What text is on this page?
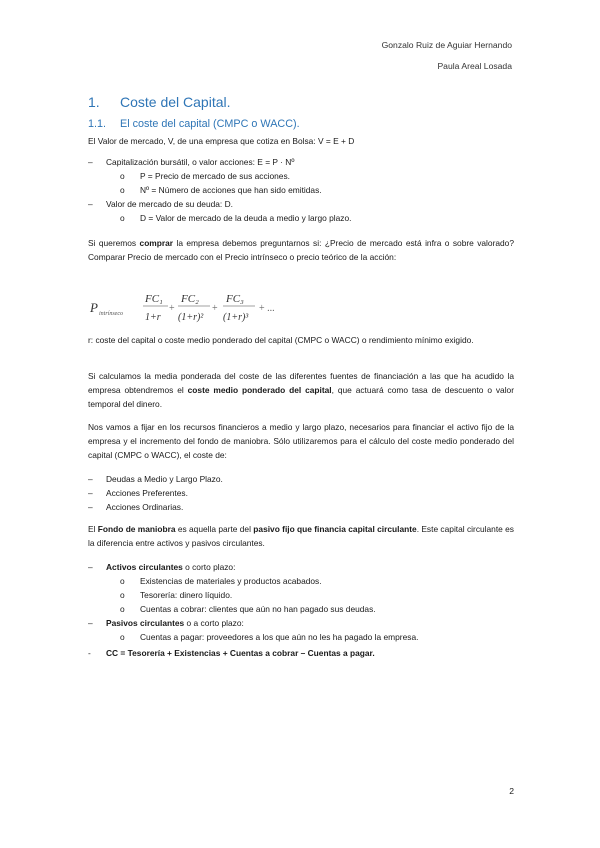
Gonzalo Ruiz de Aguiar Hernando
Paula Areal Losada
1. Coste del Capital.
1.1. El coste del capital (CMPC o WACC).
El Valor de mercado, V, de una empresa que cotiza en Bolsa: V = E + D
– Capitalización bursátil, o valor acciones: E = P · Nº
o P = Precio de mercado de sus acciones.
o Nº = Número de acciones que han sido emitidas.
– Valor de mercado de su deuda: D.
o D = Valor de mercado de la deuda a medio y largo plazo.
Si queremos comprar la empresa debemos preguntarnos si: ¿Precio de mercado está infra o sobre valorado? Comparar Precio de mercado con el Precio intrínseco o precio teórico de la acción:
P intrínseco
FC₁
1+r
+
FC₂
(1+r)²
+
FC₃
(1+r)³
+ ...
r: coste del capital o coste medio ponderado del capital (CMPC o WACC) o rendimiento mínimo exigido.
Si calculamos la media ponderada del coste de las diferentes fuentes de financiación a las que ha acudido la empresa obtendremos el coste medio ponderado del capital, que actuará como tasa de descuento o valor temporal del dinero.
Nos vamos a fijar en los recursos financieros a medio y largo plazo, necesarios para financiar el activo fijo de la empresa y el incremento del fondo de maniobra. Sólo utilizaremos para el cálculo del coste medio ponderado del capital (CMPC o WACC), el coste de:
– Deudas a Medio y Largo Plazo.
– Acciones Preferentes.
– Acciones Ordinarias.
El Fondo de maniobra es aquella parte del pasivo fijo que financia capital circulante. Este capital circulante es la diferencia entre activos y pasivos circulantes.
– Activos circulantes o corto plazo:
o Existencias de materiales y productos acabados.
o Tesorería: dinero líquido.
o Cuentas a cobrar: clientes que aún no han pagado sus deudas.
– Pasivos circulantes o a corto plazo:
o Cuentas a pagar: proveedores a los que aún no les ha pagado la empresa.
- CC = Tesorería + Existencias + Cuentas a cobrar – Cuentas a pagar.
2
